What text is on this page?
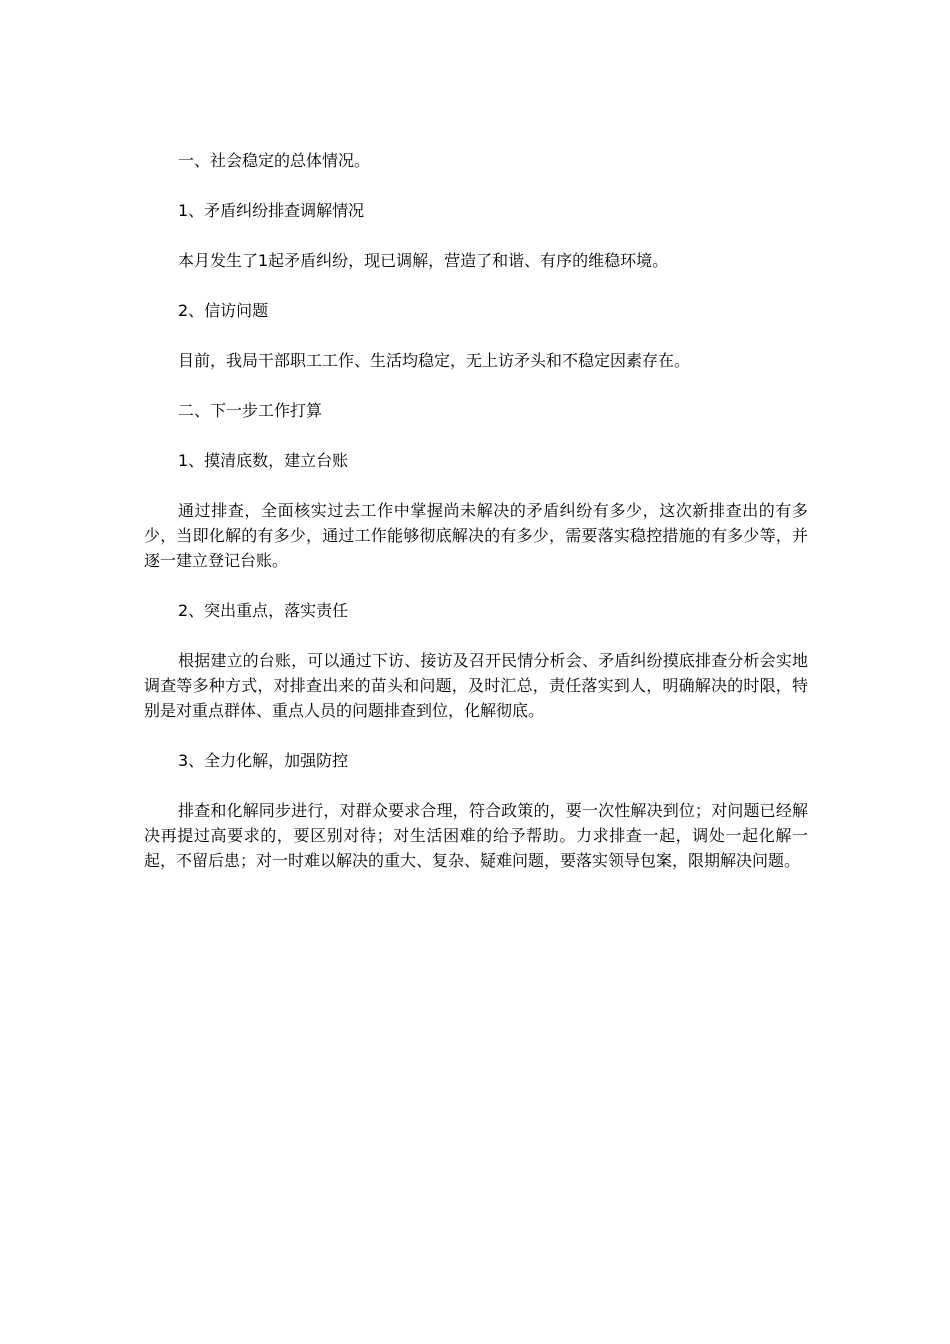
一、社会稳定的总体情况。
1、矛盾纠纷排查调解情况
本月发生了1起矛盾纠纷，现已调解，营造了和谐、有序的维稳环境。
2、信访问题
目前，我局干部职工工作、生活均稳定，无上访矛头和不稳定因素存在。
二、下一步工作打算
1、摸清底数，建立台账
通过排查，全面核实过去工作中掌握尚未解决的矛盾纠纷有多少，这次新排查出的有多少，当即化解的有多少，通过工作能够彻底解决的有多少，需要落实稳控措施的有多少等，并逐一建立登记台账。
2、突出重点，落实责任
根据建立的台账，可以通过下访、接访及召开民情分析会、矛盾纠纷摸底排查分析会实地调查等多种方式，对排查出来的苗头和问题，及时汇总，责任落实到人，明确解决的时限，特别是对重点群体、重点人员的问题排查到位，化解彻底。
3、全力化解，加强防控
排查和化解同步进行，对群众要求合理，符合政策的，要一次性解决到位；对问题已经解决再提过高要求的，要区别对待；对生活困难的给予帮助。力求排查一起，调处一起化解一起，不留后患；对一时难以解决的重大、复杂、疑难问题，要落实领导包案，限期解决问题。
